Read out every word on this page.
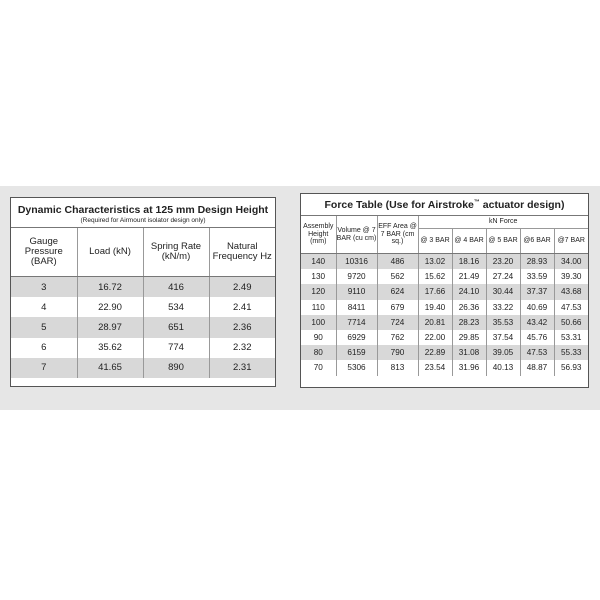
Dynamic Characteristics at 125 mm Design Height
(Required for Airmount isolator design only)
Gauge Pressure (BAR)	Load (kN)	Spring Rate (kN/m)	Natural Frequency Hz
3	16.72	416	2.49
4	22.90	534	2.41
5	28.97	651	2.36
6	35.62	774	2.32
7	41.65	890	2.31
Force Table (Use for Airstroke™ actuator design)
Assembly Height (mm)	Volume @ 7 BAR (cu cm)	EFF Area @ 7 BAR (cm sq.)	kN Force				
			@ 3 BAR	@ 4 BAR	@ 5 BAR	@6 BAR	@7 BAR
140	10316	486	13.02	18.16	23.20	28.93	34.00
130	9720	562	15.62	21.49	27.24	33.59	39.30
120	9110	624	17.66	24.10	30.44	37.37	43.68
110	8411	679	19.40	26.36	33.22	40.69	47.53
100	7714	724	20.81	28.23	35.53	43.42	50.66
90	6929	762	22.00	29.85	37.54	45.76	53.31
80	6159	790	22.89	31.08	39.05	47.53	55.33
70	5306	813	23.54	31.96	40.13	48.87	56.93
